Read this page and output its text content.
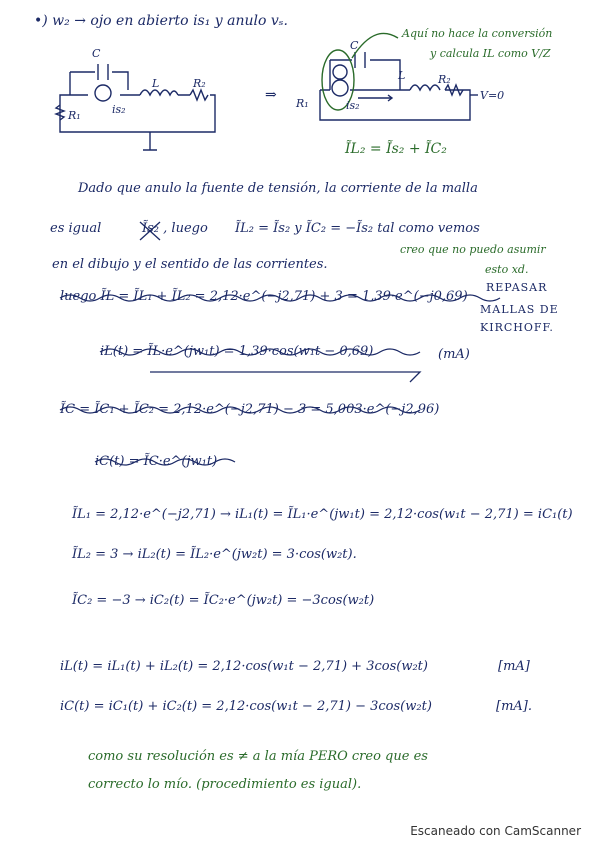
•) w₂ → ojo en abierto is₁ y anulo vₛ.
C
L	R₂
R₁	is₂
⇒
C
L	R₂
R₁	is₂
V=0
Aquí no hace la conversión
y calcula IL como V/Z
ĨL₂ = Ĩs₂ + ĨC₂
Dado que anulo la fuente de tensión, la corriente de la malla
es igual	Ĩs₂ , luego ĨL₂ = Ĩs₂ y ĨC₂ = −Ĩs₂ tal como vemos
creo que no puedo asumir
en el dibujo y el sentido de las corrientes.	esto xd.
luego ĨL = ĨL₁ + ĨL₂ = 2,12·e^(−j2,71) + 3 = 1,39·e^(−j0,69)
REPASAR
MALLAS DE
KIRCHOFF.
iL(t) = ĨL·e^(jw₁t) = 1,39·cos(w₁t − 0,69)	(mA)
ĨC = ĨC₁ + ĨC₂ = 2,12·e^(−j2,71) − 3 = 5,003·e^(−j2,96)
iC(t) = ĨC·e^(jw₁t)
ĨL₁ = 2,12·e^(−j2,71) → iL₁(t) = ĨL₁·e^(jw₁t) = 2,12·cos(w₁t − 2,71) = iC₁(t)
ĨL₂ = 3 → iL₂(t) = ĨL₂·e^(jw₂t) = 3·cos(w₂t).
ĨC₂ = −3 → iC₂(t) = ĨC₂·e^(jw₂t) = −3cos(w₂t)
iL(t) = iL₁(t) + iL₂(t) = 2,12·cos(w₁t − 2,71) + 3cos(w₂t)	[mA]
iC(t) = iC₁(t) + iC₂(t) = 2,12·cos(w₁t − 2,71) − 3cos(w₂t)	[mA].
como su resolución es ≠ a la mía PERO creo que es
correcto lo mío. (procedimiento es igual).
Escaneado con CamScanner
